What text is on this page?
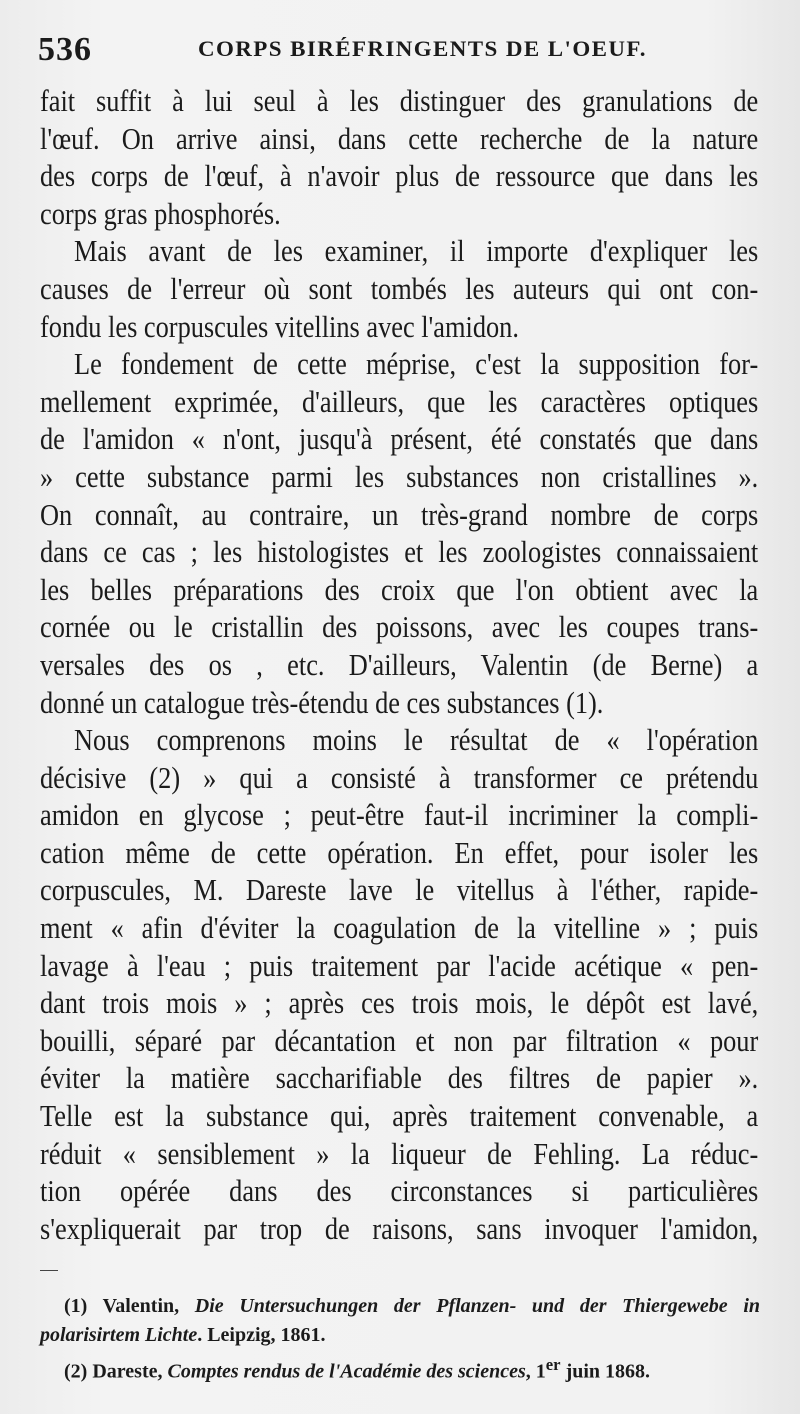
536	CORPS BIRÉFRINGENTS DE L'OEUF.
fait suffit à lui seul à les distinguer des granulations de
l'œuf. On arrive ainsi, dans cette recherche de la nature
des corps de l'œuf, à n'avoir plus de ressource que dans les
corps gras phosphorés.
Mais avant de les examiner, il importe d'expliquer les
causes de l'erreur où sont tombés les auteurs qui ont con-
fondu les corpuscules vitellins avec l'amidon.
Le fondement de cette méprise, c'est la supposition for-
mellement exprimée, d'ailleurs, que les caractères optiques
de l'amidon « n'ont, jusqu'à présent, été constatés que dans
» cette substance parmi les substances non cristallines ».
On connaît, au contraire, un très-grand nombre de corps
dans ce cas ; les histologistes et les zoologistes connaissaient
les belles préparations des croix que l'on obtient avec la
cornée ou le cristallin des poissons, avec les coupes trans-
versales des os , etc. D'ailleurs, Valentin (de Berne) a
donné un catalogue très-étendu de ces substances (1).
Nous comprenons moins le résultat de « l'opération
décisive (2) » qui a consisté à transformer ce prétendu
amidon en glycose ; peut-être faut-il incriminer la compli-
cation même de cette opération. En effet, pour isoler les
corpuscules, M. Dareste lave le vitellus à l'éther, rapide-
ment « afin d'éviter la coagulation de la vitelline » ; puis
lavage à l'eau ; puis traitement par l'acide acétique « pen-
dant trois mois » ; après ces trois mois, le dépôt est lavé,
bouilli, séparé par décantation et non par filtration « pour
éviter la matière saccharifiable des filtres de papier ».
Telle est la substance qui, après traitement convenable, a
réduit « sensiblement » la liqueur de Fehling. La réduc-
tion opérée dans des circonstances si particulières
s'expliquerait par trop de raisons, sans invoquer l'amidon,
(1) Valentin, Die Untersuchungen der Pflanzen- und der Thiergewebe in
polarisirtem Lichte. Leipzig, 1861.
(2) Dareste, Comptes rendus de l'Académie des sciences, 1er juin 1868.
